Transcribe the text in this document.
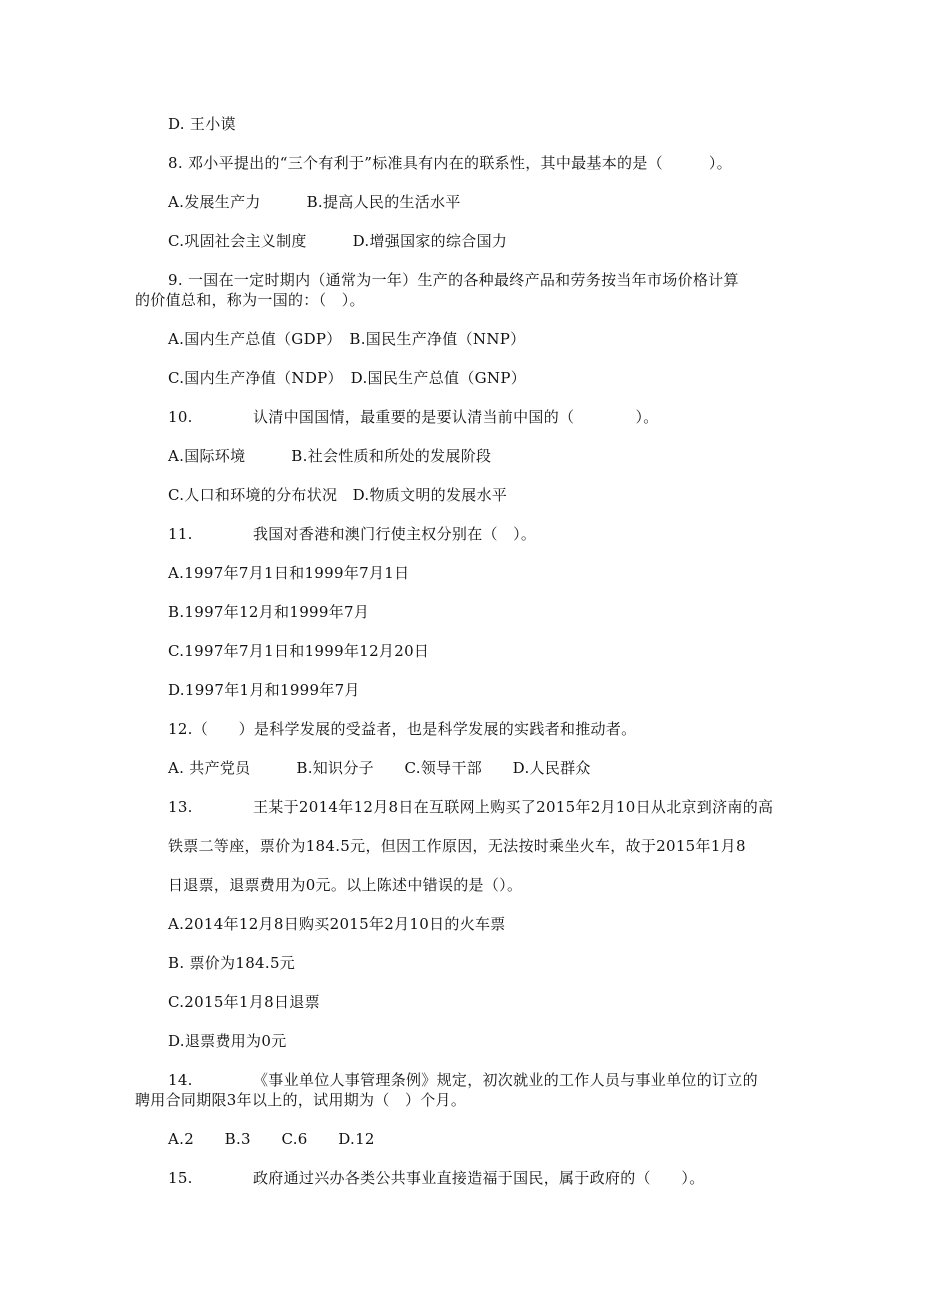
D. 王小谟
8. 邓小平提出的“三个有利于”标准具有内在的联系性，其中最基本的是（　　　）。
A.发展生产力　　　B.提高人民的生活水平
C.巩固社会主义制度　　　D.增强国家的综合国力
9. 一国在一定时期内（通常为一年）生产的各种最终产品和劳务按当年市场价格计算
的价值总和，称为一国的：（　）。
A.国内生产总值（GDP）　B.国民生产净值（NNP）
C.国内生产净值（NDP）　D.国民生产总值（GNP）
10.	认清中国国情，最重要的是要认清当前中国的（　　　　）。
A.国际环境　　　B.社会性质和所处的发展阶段
C.人口和环境的分布状况　D.物质文明的发展水平
11.	我国对香港和澳门行使主权分别在（　）。
A.1997年7月1日和1999年7月1日
B.1997年12月和1999年7月
C.1997年7月1日和1999年12月20日
D.1997年1月和1999年7月
12.（　　）是科学发展的受益者，也是科学发展的实践者和推动者。
A. 共产党员　　　B.知识分子　　C.领导干部　　D.人民群众
13.	王某于2014年12月8日在互联网上购买了2015年2月10日从北京到济南的高
铁票二等座，票价为184.5元，但因工作原因，无法按时乘坐火车，故于2015年1月8
日退票，退票费用为0元。以上陈述中错误的是（）。
A.2014年12月8日购买2015年2月10日的火车票
B. 票价为184.5元
C.2015年1月8日退票
D.退票费用为0元
14.	《事业单位人事管理条例》规定，初次就业的工作人员与事业单位的订立的
聘用合同期限3年以上的，试用期为（　）个月。
A.2　　B.3　　C.6　　D.12
15.	政府通过兴办各类公共事业直接造福于国民，属于政府的（　　）。
